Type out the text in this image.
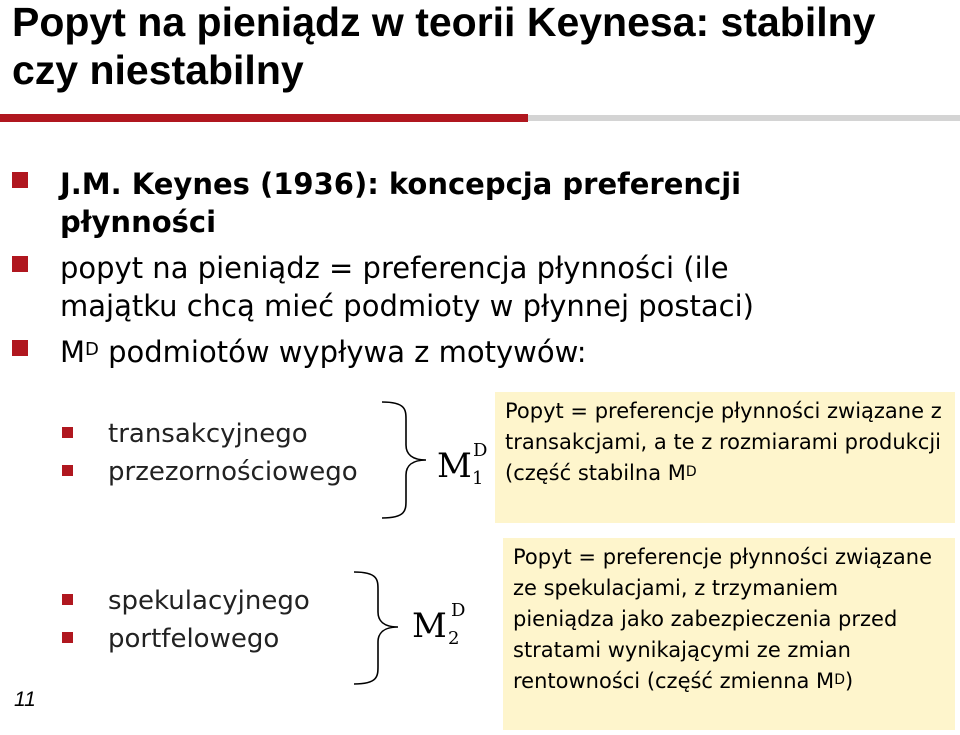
Popyt na pieniądz w teorii Keynesa: stabilny czy niestabilny
J.M. Keynes (1936): koncepcja preferencji
płynności
popyt na pieniądz = preferencja płynności (ile
majątku chcą mieć podmioty w płynnej postaci)
$M^D$ podmiotów wypływa z motywów:
transakcyjnego
przezornościowego M D
1
Popyt = preferencje płynności związane z transakcjami, a te z rozmiarami produkcji (część stabilna $M^D$
spekulacyjnego
portfelowego	M D
2
Popyt = preferencje płynności związane ze spekulacjami, z trzymaniem pieniądza jako zabezpieczenia przed stratami wynikającymi ze zmian rentowności (część zmienna $M^D$)
11
